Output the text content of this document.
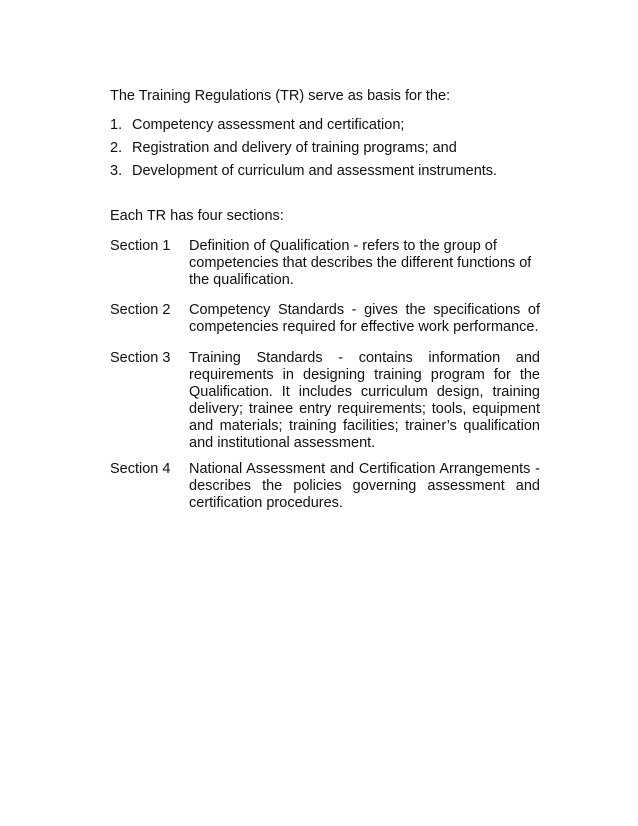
The Training Regulations (TR) serve as basis for the:
1. Competency assessment and certification;
2. Registration and delivery of training programs; and
3. Development of curriculum and assessment instruments.
Each TR has four sections:
Section 1	Definition of Qualification - refers to the group of competencies that describes the different functions of the qualification.
Section 2	Competency Standards - gives the specifications of competencies required for effective work performance.
Section 3	Training Standards - contains information and requirements in designing training program for the Qualification. It includes curriculum design, training delivery; trainee entry requirements; tools, equipment and materials; training facilities; trainer’s qualification and institutional assessment.
Section 4	National Assessment and Certification Arrangements - describes the policies governing assessment and certification procedures.
